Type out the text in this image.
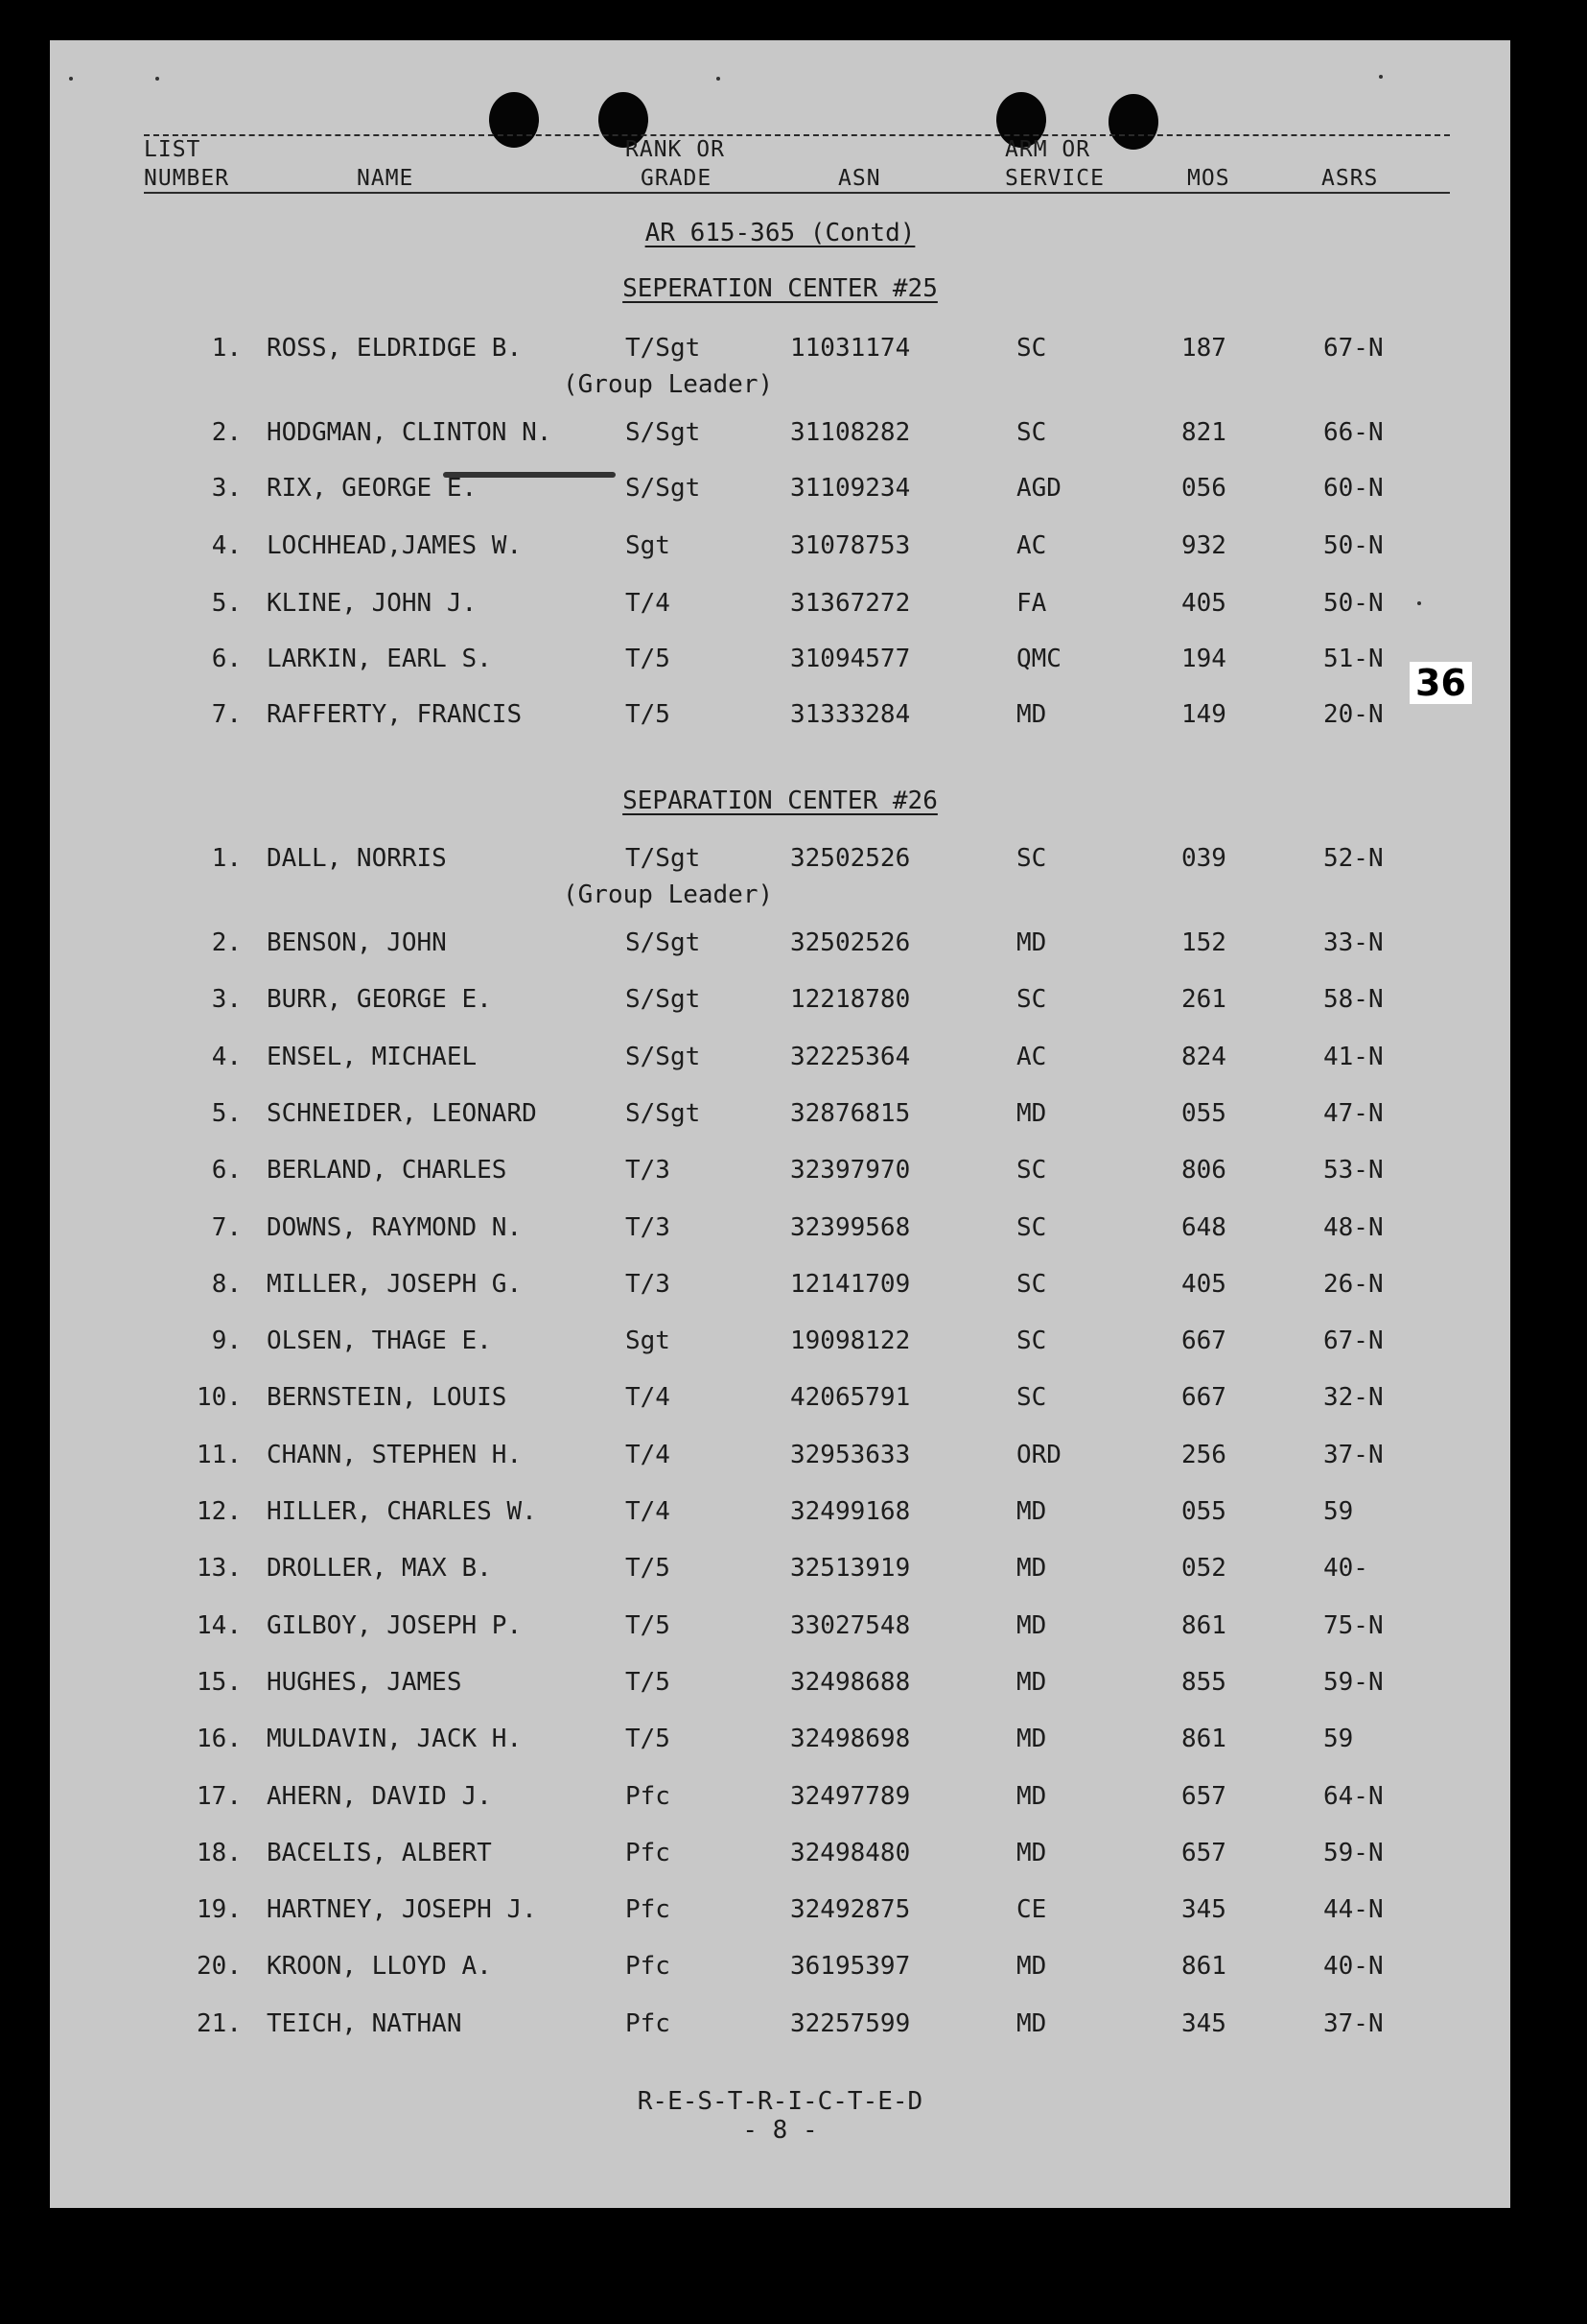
LIST
NUMBER	NAME
RANK OR
GRADE	ASN
ARM OR
SERVICE	MOS	ASRS
AR 615-365 (Contd)
SEPERATION CENTER #25
1. ROSS, ELDRIDGE B.	T/Sgt	11031174	SC	187	67-N
(Group Leader)
2. HODGMAN, CLINTON N.	S/Sgt	31108282	SC	821	66-N
3. RIX, GEORGE E.	S/Sgt	31109234	AGD	056	60-N
4. LOCHHEAD,JAMES W.	Sgt	31078753	AC	932	50-N
5. KLINE, JOHN J.	T/4	31367272	FA	405	50-N
6. LARKIN, EARL S.	T/5	31094577	QMC	194	51-N
7. RAFFERTY, FRANCIS	T/5	31333284	MD	149	20-N
SEPARATION CENTER #26
1. DALL, NORRIS	T/Sgt	32502526	SC	039	52-N
(Group Leader)
2. BENSON, JOHN	S/Sgt	32502526	MD	152	33-N
3. BURR, GEORGE E.	S/Sgt	12218780	SC	261	58-N
4. ENSEL, MICHAEL	S/Sgt	32225364	AC	824	41-N
5. SCHNEIDER, LEONARD	S/Sgt	32876815	MD	055	47-N
6. BERLAND, CHARLES	T/3	32397970	SC	806	53-N
7. DOWNS, RAYMOND N.	T/3	32399568	SC	648	48-N
8. MILLER, JOSEPH G.	T/3	12141709	SC	405	26-N
9. OLSEN, THAGE E.	Sgt	19098122	SC	667	67-N
10. BERNSTEIN, LOUIS	T/4	42065791	SC	667	32-N
11. CHANN, STEPHEN H.	T/4	32953633	ORD	256	37-N
12. HILLER, CHARLES W.	T/4	32499168	MD	055	59
13. DROLLER, MAX B.	T/5	32513919	MD	052	40-
14. GILBOY, JOSEPH P.	T/5	33027548	MD	861	75-N
15. HUGHES, JAMES	T/5	32498688	MD	855	59-N
16. MULDAVIN, JACK H.	T/5	32498698	MD	861	59
17. AHERN, DAVID J.	Pfc	32497789	MD	657	64-N
18. BACELIS, ALBERT	Pfc	32498480	MD	657	59-N
19. HARTNEY, JOSEPH J.	Pfc	32492875	CE	345	44-N
20. KROON, LLOYD A.	Pfc	36195397	MD	861	40-N
21. TEICH, NATHAN	Pfc	32257599	MD	345	37-N
R-E-S-T-R-I-C-T-E-D
- 8 -
36
